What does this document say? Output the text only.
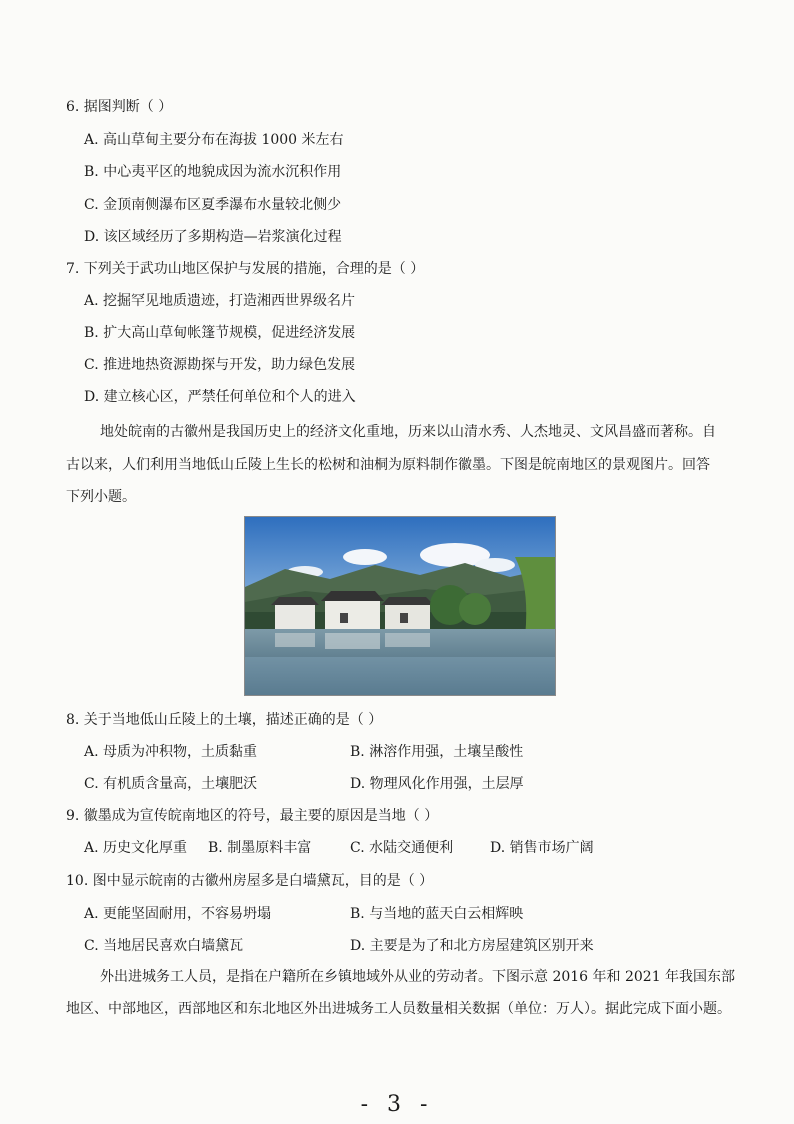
6. 据图判断（ ）
A. 高山草甸主要分布在海拔 1000 米左右
B. 中心夷平区的地貌成因为流水沉积作用
C. 金顶南侧瀑布区夏季瀑布水量较北侧少
D. 该区域经历了多期构造—岩浆演化过程
7. 下列关于武功山地区保护与发展的措施，合理的是（ ）
A. 挖掘罕见地质遗迹，打造湘西世界级名片
B. 扩大高山草甸帐篷节规模，促进经济发展
C. 推进地热资源勘探与开发，助力绿色发展
D. 建立核心区，严禁任何单位和个人的进入
地处皖南的古徽州是我国历史上的经济文化重地，历来以山清水秀、人杰地灵、文风昌盛而著称。自
古以来，人们利用当地低山丘陵上生长的松树和油桐为原料制作徽墨。下图是皖南地区的景观图片。回答
下列小题。
8. 关于当地低山丘陵上的土壤，描述正确的是（ ）
A. 母质为冲积物，土质黏重	B. 淋溶作用强，土壤呈酸性
C. 有机质含量高，土壤肥沃	D. 物理风化作用强，土层厚
9. 徽墨成为宣传皖南地区的符号，最主要的原因是当地（ ）
A. 历史文化厚重 B. 制墨原料丰富	C. 水陆交通便利	D. 销售市场广阔
10. 图中显示皖南的古徽州房屋多是白墙黛瓦，目的是（ ）
A. 更能坚固耐用，不容易坍塌	B. 与当地的蓝天白云相辉映
C. 当地居民喜欢白墙黛瓦	D. 主要是为了和北方房屋建筑区别开来
外出进城务工人员，是指在户籍所在乡镇地域外从业的劳动者。下图示意 2016 年和 2021 年我国东部
地区、中部地区，西部地区和东北地区外出进城务工人员数量相关数据（单位：万人）。据此完成下面小题。
- 3 -
